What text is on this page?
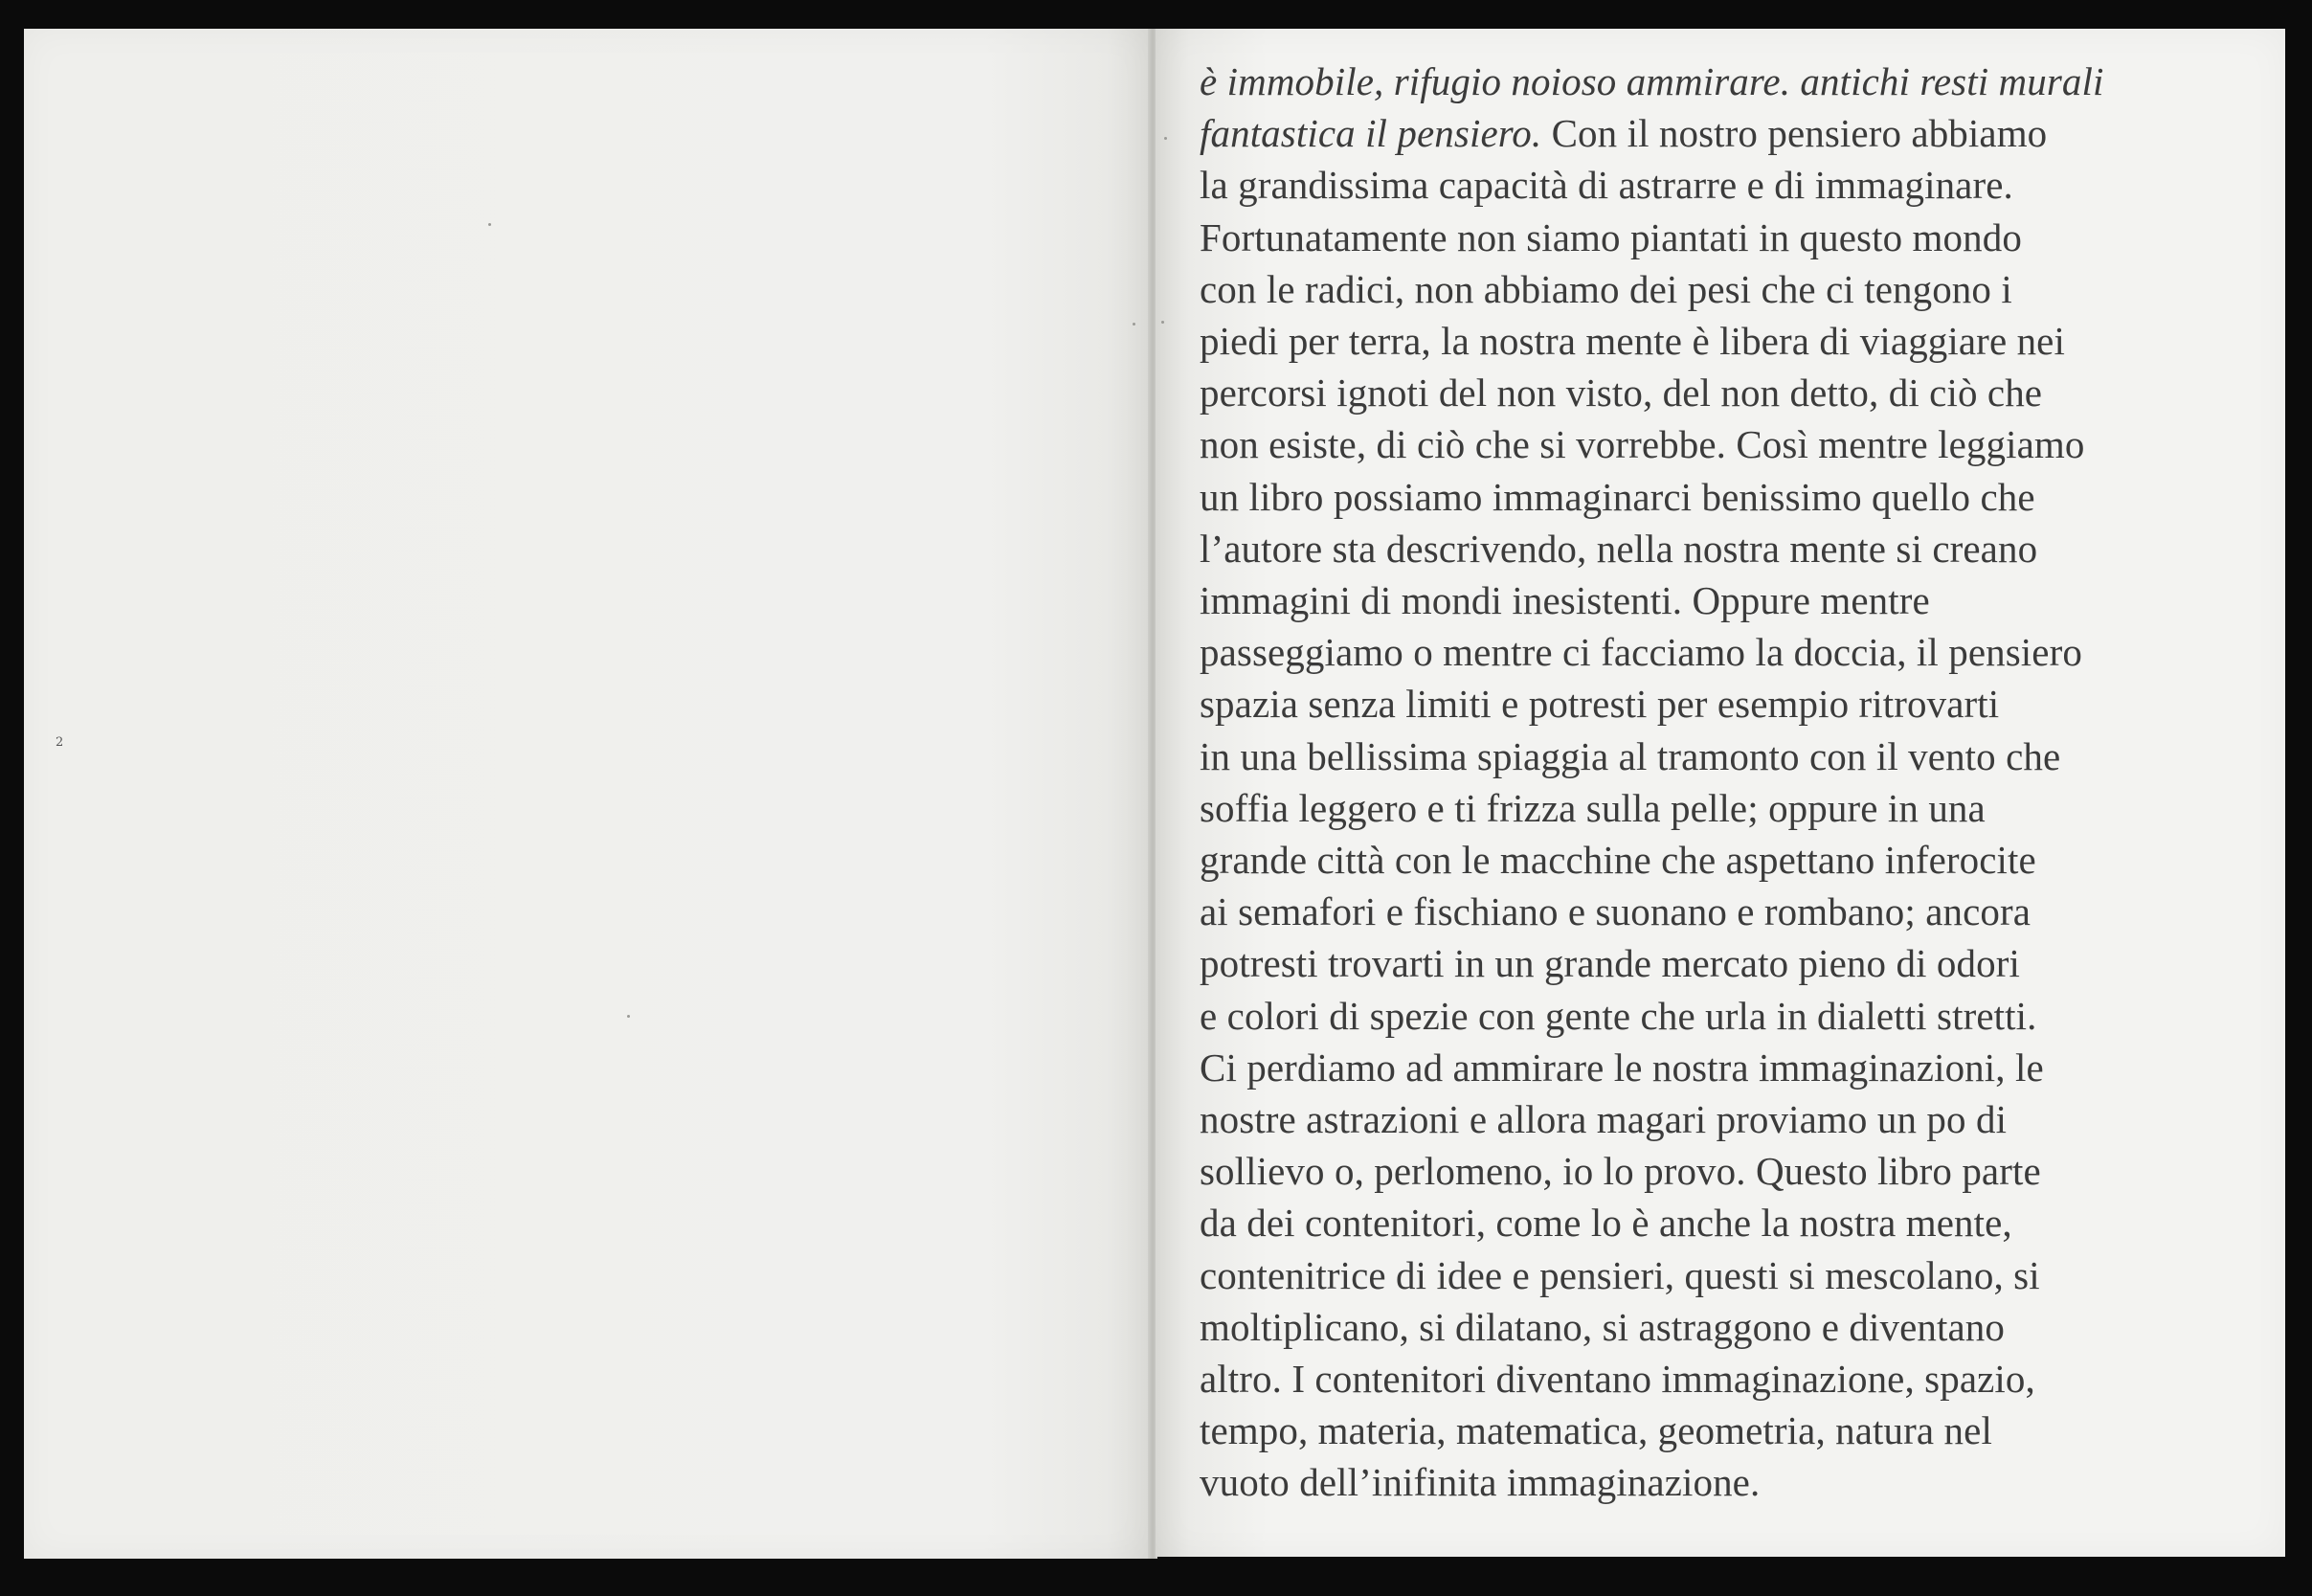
2
è immobile, rifugio noioso ammirare. antichi resti murali
fantastica il pensiero. Con il nostro pensiero abbiamo
la grandissima capacità di astrarre e di immaginare.
Fortunatamente non siamo piantati in questo mondo
con le radici, non abbiamo dei pesi che ci tengono i
piedi per terra, la nostra mente è libera di viaggiare nei
percorsi ignoti del non visto, del non detto, di ciò che
non esiste, di ciò che si vorrebbe. Così mentre leggiamo
un libro possiamo immaginarci benissimo quello che
l’autore sta descrivendo, nella nostra mente si creano
immagini di mondi inesistenti. Oppure mentre
passeggiamo o mentre ci facciamo la doccia, il pensiero
spazia senza limiti e potresti per esempio ritrovarti
in una bellissima spiaggia al tramonto con il vento che
soffia leggero e ti frizza sulla pelle; oppure in una
grande città con le macchine che aspettano inferocite
ai semafori e fischiano e suonano e rombano; ancora
potresti trovarti in un grande mercato pieno di odori
e colori di spezie con gente che urla in dialetti stretti.
Ci perdiamo ad ammirare le nostra immaginazioni, le
nostre astrazioni e allora magari proviamo un po di
sollievo o, perlomeno, io lo provo. Questo libro parte
da dei contenitori, come lo è anche la nostra mente,
contenitrice di idee e pensieri, questi si mescolano, si
moltiplicano, si dilatano, si astraggono e diventano
altro. I contenitori diventano immaginazione, spazio,
tempo, materia, matematica, geometria, natura nel
vuoto dell’inifinita immaginazione.
